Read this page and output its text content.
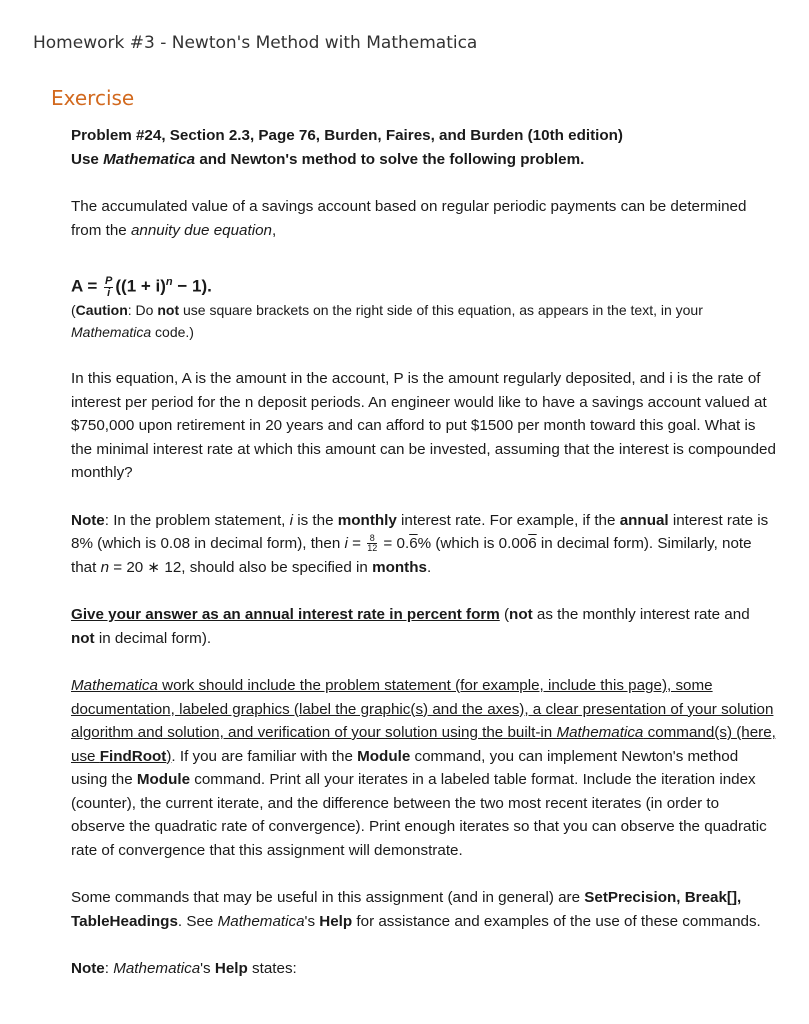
Homework #3 - Newton's Method with Mathematica
Exercise

Problem #24, Section 2.3, Page 76, Burden, Faires, and Burden (10th edition)

Use Mathematica and Newton's method to solve the following problem.

The accumulated value of a savings account based on regular periodic payments can be determined from the annuity due equation,

$A = \frac{P}{i} ((1 + i)^n - 1)$.

(Caution: Do not use square brackets on the right side of this equation, as appears in the text, in your Mathematica code.)

In this equation, A is the amount in the account, P is the amount regularly deposited, and i is the rate of interest per period for the n deposit periods. An engineer would like to have a savings account valued at $750,000 upon retirement in 20 years and can afford to put $1500 per month toward this goal. What is the minimal interest rate at which this amount can be invested, assuming that the interest is compounded monthly?

Note: In the problem statement, i is the monthly interest rate. For example, if the annual interest rate is 8% (which is 0.08 in decimal form), then $i = \frac{8}{12} = 0.6\%$ (which is 0.006 in decimal form). Similarly, note that n = 20 ∗ 12, should also be specified in months.

Give your answer as an annual interest rate in percent form (not as the monthly interest rate and not in decimal form).

Mathematica work should include the problem statement (for example, include this page), some documentation, labeled graphics (label the graphic(s) and the axes), a clear presentation of your solution algorithm and solution, and verification of your solution using the built-in Mathematica command(s) (here, use FindRoot). If you are familiar with the Module command, you can implement Newton's method using the Module command. Print all your iterates in a labeled table format. Include the iteration index (counter), the current iterate, and the difference between the two most recent iterates (in order to observe the quadratic rate of convergence). Print enough iterates so that you can observe the quadratic rate of convergence that this assignment will demonstrate.

Some commands that may be useful in this assignment (and in general) are SetPrecision, Break[], TableHeadings. See Mathematica's Help for assistance and examples of the use of these commands.

Note: Mathematica's Help states:
